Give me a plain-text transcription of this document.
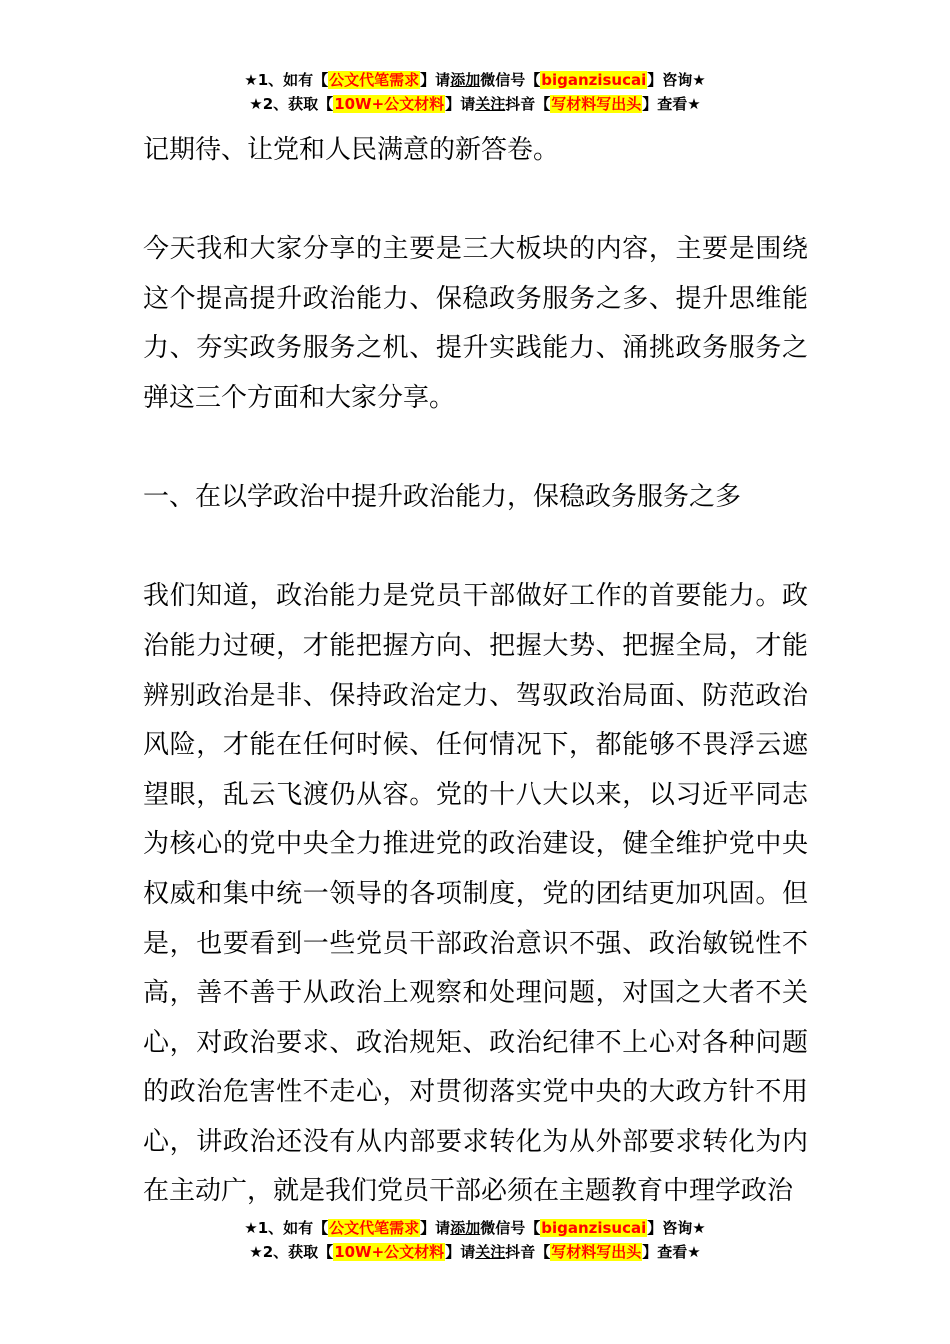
★1、如有【公文代笔需求】请添加微信号【biganzisucai】咨询★
★2、获取【10W+公文材料】请关注抖音【写材料写出头】查看★

记期待、让党和人民满意的新答卷。

今天我和大家分享的主要是三大板块的内容，主要是围绕这个提高提升政治能力、保稳政务服务之多、提升思维能力、夯实政务服务之机、提升实践能力、涌挑政务服务之弹这三个方面和大家分享。

一、在以学政治中提升政治能力，保稳政务服务之多

我们知道，政治能力是党员干部做好工作的首要能力。政治能力过硬，才能把握方向、把握大势、把握全局，才能辨别政治是非、保持政治定力、驾驭政治局面、防范政治风险，才能在任何时候、任何情况下，都能够不畏浮云遮望眼，乱云飞渡仍从容。党的十八大以来，以习近平同志为核心的党中央全力推进党的政治建设，健全维护党中央权威和集中统一领导的各项制度，党的团结更加巩固。但是，也要看到一些党员干部政治意识不强、政治敏锐性不高，善不善于从政治上观察和处理问题，对国之大者不关心，对政治要求、政治规矩、政治纪律不上心对各种问题的政治危害性不走心，对贯彻落实党中央的大政方针不用心，讲政治还没有从内部要求转化为从外部要求转化为内在主动广，就是我们党员干部必须在主题教育中理学政治

★1、如有【公文代笔需求】请添加微信号【biganzisucai】咨询★
★2、获取【10W+公文材料】请关注抖音【写材料写出头】查看★
